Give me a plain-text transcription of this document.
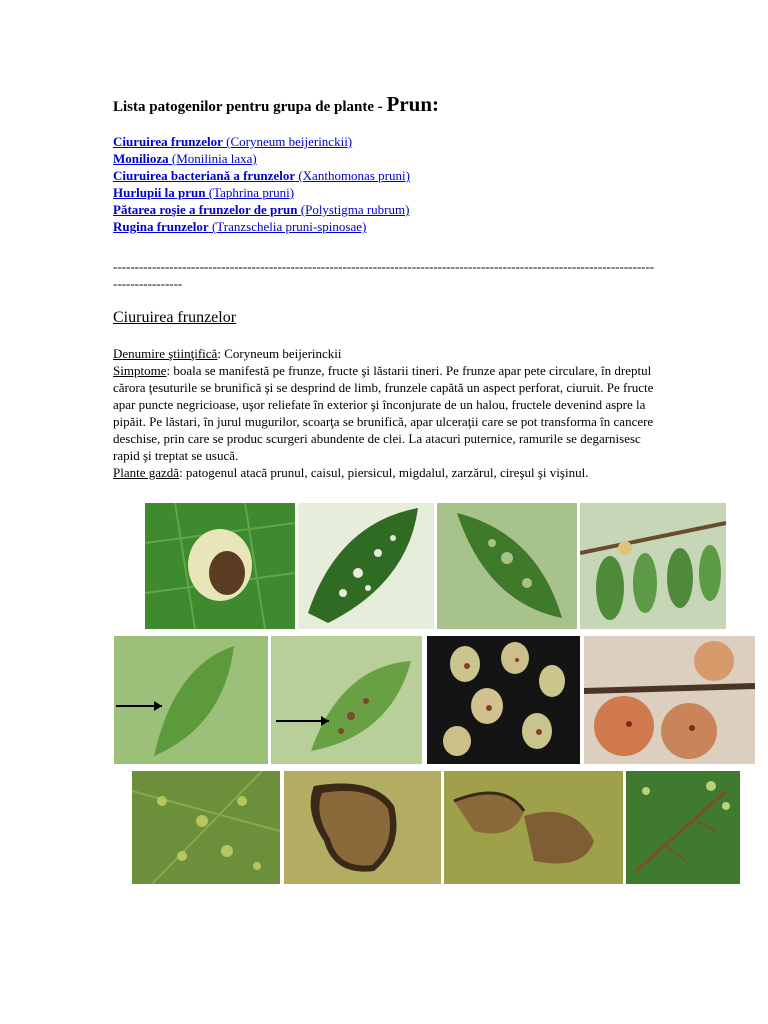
Lista patogenilor pentru grupa de plante - Prun:
Ciuruirea frunzelor (Coryneum beijerinckii)
Monilioza (Monilinia laxa)
Ciuruirea bacteriană a frunzelor (Xanthomonas pruni)
Hurlupii la prun (Taphrina pruni)
Pătarea roşie a frunzelor de prun (Polystigma rubrum)
Rugina frunzelor (Tranzschelia pruni-spinosae)
---------------------------------------------------------------------------------------------------------------------------------------------
Ciuruirea frunzelor

Denumire ştiinţifică: Coryneum beijerinckii

Simptome: boala se manifestă pe frunze, fructe şi lăstarii tineri. Pe frunze apar pete circulare, în dreptul cărora ţesuturile se brunifică şi se desprind de limb, frunzele capătă un aspect perforat, ciuruit. Pe fructe apar puncte negricioase, uşor reliefate în exterior şi înconjurate de un halou, fructele devenind aspre la pipăit. Pe lăstari, în jurul mugurilor, scoarţa se brunifică, apar ulceraţii care se pot transforma în cancere deschise, prin care se produc scurgeri abundente de clei. La atacuri puternice, ramurile se degarnisesc rapid şi treptat se usucă.

Plante gazdă: patogenul atacă prunul, caisul, piersicul, migdalul, zarzărul, cireşul şi vişinul.
